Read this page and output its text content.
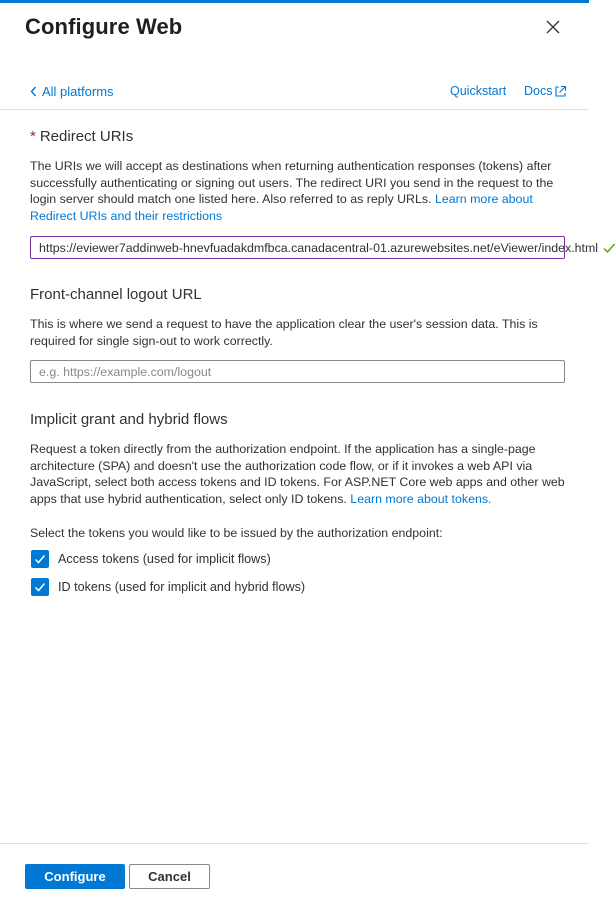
Configure Web
All platforms	Quickstart Docs
* Redirect URIs
The URIs we will accept as destinations when returning authentication responses (tokens) after successfully authenticating or signing out users. The redirect URI you send in the request to the login server should match one listed here. Also referred to as reply URLs. Learn more about Redirect URIs and their restrictions
https://eviewer7addinweb-hnevfuadakdmfbca.canadacentral-01.azurewebsites.net/eViewer/index.html
Front-channel logout URL
This is where we send a request to have the application clear the user's session data. This is required for single sign-out to work correctly.
e.g. https://example.com/logout
Implicit grant and hybrid flows
Request a token directly from the authorization endpoint. If the application has a single-page architecture (SPA) and doesn't use the authorization code flow, or if it invokes a web API via JavaScript, select both access tokens and ID tokens. For ASP.NET Core web apps and other web apps that use hybrid authentication, select only ID tokens. Learn more about tokens.
Select the tokens you would like to be issued by the authorization endpoint:
Access tokens (used for implicit flows)
ID tokens (used for implicit and hybrid flows)
Configure	Cancel
